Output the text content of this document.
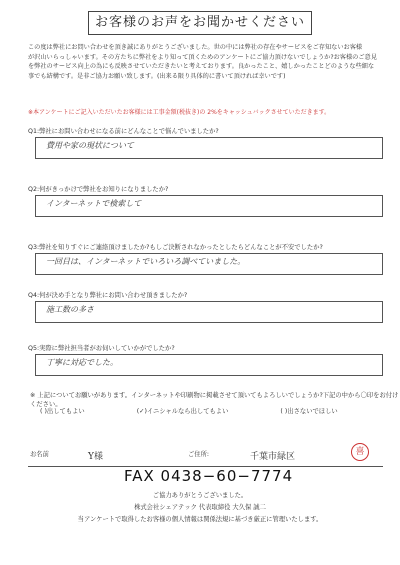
お客様のお声をお聞かせください

この度は弊社にお問い合わせを頂き誠にありがとうございました。世の中には弊社の存在やサービスをご存知ないお客様

が沢山いらっしゃいます。その方たちに弊社をより知って頂くためのアンケートにご協力頂けないでしょうか?お客様のご意見

を弊社のサービス向上の為にも反映させていただきたいと考えております。良かったこと、嬉しかったことどのような些細な

事でも結構です。是非ご協力お願い致します。(出来る限り具体的に書いて頂ければ幸いです)

※本アンケートにご記入いただいたお客様には工事金額(税抜き)の 2%をキャッシュバックさせていただきます。
Q1:弊社にお問い合わせになる前にどんなことで悩んでいましたか?
費用や家の現状について
Q2:何がきっかけで弊社をお知りになりましたか?
インターネットで検索して
Q3:弊社を知りすぐにご連絡頂けましたか?もしご決断されなかったとしたらどんなことが不安でしたか?
一回目は、インターネットでいろいろ調べていました。
Q4:何が決め手となり弊社にお問い合わせ頂きましたか?
施工数の多さ
Q5:実際に弊社担当者がお伺いしていかがでしたか?
丁寧に対応でした。
※ 上記についてお願いがあります。インターネットや印刷物に掲載させて頂いてもよろしいでしょうか?下記の中から〇印をお付けください。
( )出してもよい	(✓)イニシャルなら出してもよい	( )出さないでほしい
お名前	Y様	ご住所:	千葉市緑区	喜
FAX 0438−60−7774
ご協力ありがとうございました。
株式会社シェアテック 代表取締役 大久保 誠二
当アンケートで取得したお客様の個人情報は関係法規に基づき厳正に管理いたします。
